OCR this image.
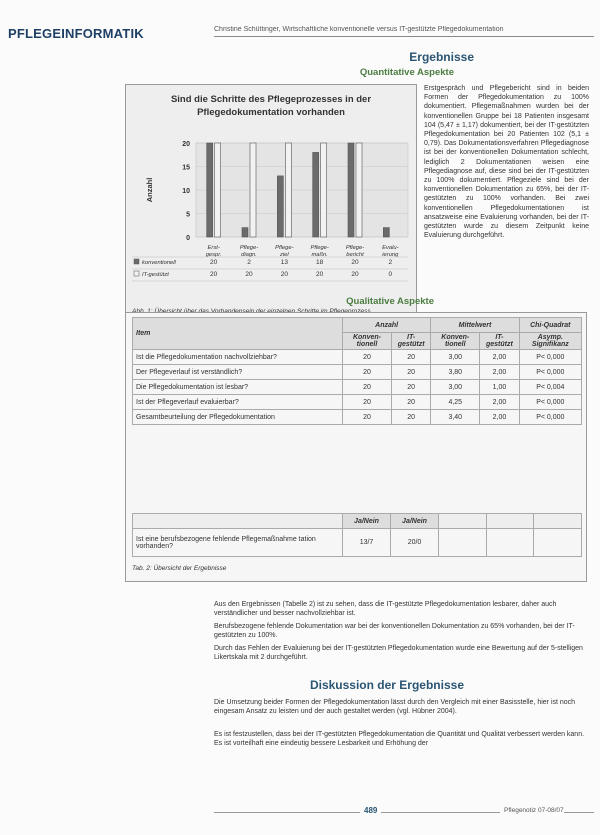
PFLEGEINFORMATIK	Christine Schüttinger, Wirtschaftliche konventionelle versus IT-gestützte Pflegedokumentation
Ergebnisse
Quantitative Aspekte
Sind die Schritte des Pflegeprozesses in der Pflegedokumentation vorhanden
0
5
10
15
20
Anzahl
Erst-gespr.
Pflege-diagn.
Pflege-ziel
Pflege-maßn.
Pflege-bericht
Evalu-ierung
konventionell	20	2	13	18	20	2
IT-gestützt	20	20	20	20	20	0
Erstgespräch und Pflegebericht sind in beiden Formen der Pflegedokumentation zu 100% dokumentiert. Pflegemaßnahmen wurden bei der konventionellen Gruppe bei 18 Patienten insgesamt 104 (5,47 ± 1,17) dokumentiert, bei der IT-gestützten Pflegedokumentation bei 20 Patienten 102 (5,1 ± 0,79). Das Dokumentationsverfahren Pflegediagnose ist bei der konventionellen Dokumentation schlecht, lediglich 2 Dokumentationen weisen eine Pflegediagnose auf, diese sind bei der IT-gestützten zu 100% dokumentiert. Pflegeziele sind bei der konventionellen Dokumentation zu 65%, bei der IT-gestützten zu 100% vorhanden. Bei zwei konventionellen Pflegedokumentationen ist ansatzweise eine Evaluierung vorhanden, bei der IT-gestützten wurde zu diesem Zeitpunkt keine Evaluierung durchgeführt.
Qualitative Aspekte
Item	Anzahl		Mittelwert		Chi-Quadrat
	Konven-tionell	IT-gestützt	Konven-tionell	IT-gestützt	Asymp. Signifikanz
Ist die Pflegedokumentation nachvollziehbar?	20	20	3,00	2,00	P< 0,000
Der Pflegeverlauf ist verständlich?	20	20	3,80	2,00	P< 0,000
Die Pflegedokumentation ist lesbar?	20	20	3,00	1,00	P< 0,004
Ist der Pflegeverlauf evaluierbar?	20	20	4,25	2,00	P< 0,000
Gesamtbeurteilung der Pflegedokumentation	20	20	3,40	2,00	P< 0,000
	Ja/Nein	Ja/Nein			
Ist eine berufsbezogene fehlende Pflegemaßnahme tation vorhanden?	13/7	20/0			
Tab. 2: Übersicht der Ergebnisse
Aus den Ergebnissen (Tabelle 2) ist zu sehen, dass die IT-gestützte Pflegedokumentation lesbarer, daher auch verständlicher und besser nachvollziehbar ist.
Berufsbezogene fehlende Dokumentation war bei der konventionellen Dokumentation zu 65% vorhanden, bei der IT-gestützten zu 100%.
Durch das Fehlen der Evaluierung bei der IT-gestützten Pflegedokumentation wurde eine Bewertung auf der 5-stelligen Likertskala mit 2 durchgeführt.
Diskussion der Ergebnisse
Die Umsetzung beider Formen der Pflegedokumentation lässt durch den Vergleich mit einer Basisstelle, hier ist noch eingesam Ansatz zu leisten und der auch gestaltet werden (vgl. Hübner 2004).
Es ist festzustellen, dass bei der IT-gestützten Pflegedokumentation die Quantität und Qualität verbessert werden kann. Es ist vorteilhaft eine eindeutig bessere Lesbarkeit und Erhöhung der
489	Pflegenotiz 07-08/07
